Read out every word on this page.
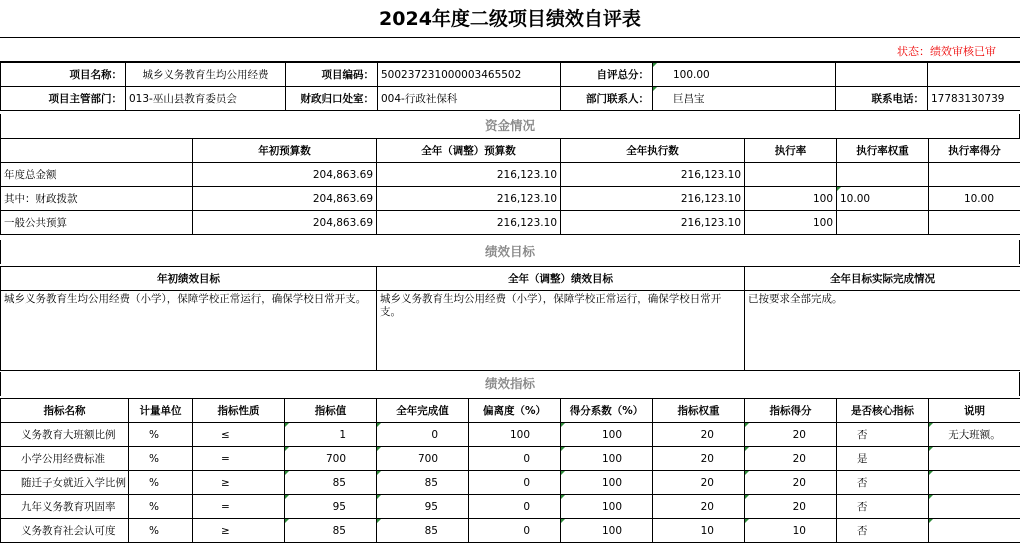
2024年度二级项目绩效自评表
状态：绩效审核已审
项目名称：	城乡义务教育生均公用经费	项目编码：	500237231000003465502	自评总分：	100.00		
项目主管部门：	013-巫山县教育委员会	财政归口处室：	004-行政社保科	部门联系人：	巨昌宝	联系电话：	17783130739
资金情况
	年初预算数	全年（调整）预算数	全年执行数	执行率	执行率权重	执行率得分
年度总金额	204,863.69	216,123.10	216,123.10			
其中：财政拨款	204,863.69	216,123.10	216,123.10	100	10.00	10.00
一般公共预算	204,863.69	216,123.10	216,123.10	100		
绩效目标
年初绩效目标	全年（调整）绩效目标	全年目标实际完成情况
城乡义务教育生均公用经费（小学），保障学校正常运行，确保学校日常开支。	城乡义务教育生均公用经费（小学），保障学校正常运行，确保学校日常开支。	已按要求全部完成。
绩效指标
指标名称	计量单位	指标性质	指标值	全年完成值	偏离度（%）	得分系数（%）	指标权重	指标得分	是否核心指标	说明
义务教育大班额比例	%	≤	1	0	100	100	20	20	否	无大班额。
小学公用经费标准	%	=	700	700	0	100	20	20	是	
随迁子女就近入学比例	%	≥	85	85	0	100	20	20	否	
九年义务教育巩固率	%	=	95	95	0	100	20	20	否	
义务教育社会认可度	%	≥	85	85	0	100	10	10	否	
